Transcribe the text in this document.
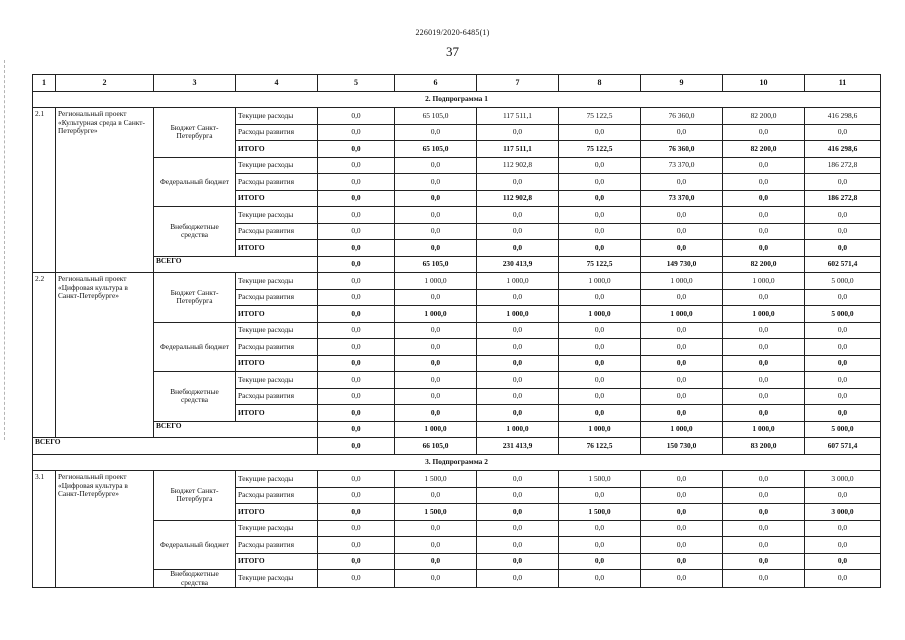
226019/2020-6485(1)
37
1	2	3	4	5	6	7	8	9	10	11
2. Подпрограмма 1										
2.1	Региональный проект «Культурная среда в Санкт-Петербурге»	Бюджет Санкт-Петербурга	Текущие расходы	0,0	65 105,0	117 511,1	75 122,5	76 360,0	82 200,0	416 298,6
			Расходы развития	0,0	0,0	0,0	0,0	0,0	0,0	0,0
			ИТОГО	0,0	65 105,0	117 511,1	75 122,5	76 360,0	82 200,0	416 298,6
		Федеральный бюджет	Текущие расходы	0,0	0,0	112 902,8	0,0	73 370,0	0,0	186 272,8
			Расходы развития	0,0	0,0	0,0	0,0	0,0	0,0	0,0
			ИТОГО	0,0	0,0	112 902,8	0,0	73 370,0	0,0	186 272,8
		Внебюджетные средства	Текущие расходы	0,0	0,0	0,0	0,0	0,0	0,0	0,0
			Расходы развития	0,0	0,0	0,0	0,0	0,0	0,0	0,0
			ИТОГО	0,0	0,0	0,0	0,0	0,0	0,0	0,0
		ВСЕГО		0,0	65 105,0	230 413,9	75 122,5	149 730,0	82 200,0	602 571,4
2.2	Региональный проект «Цифровая культура в Санкт-Петербурге»	Бюджет Санкт-Петербурга	Текущие расходы	0,0	1 000,0	1 000,0	1 000,0	1 000,0	1 000,0	5 000,0
			Расходы развития	0,0	0,0	0,0	0,0	0,0	0,0	0,0
			ИТОГО	0,0	1 000,0	1 000,0	1 000,0	1 000,0	1 000,0	5 000,0
		Федеральный бюджет	Текущие расходы	0,0	0,0	0,0	0,0	0,0	0,0	0,0
			Расходы развития	0,0	0,0	0,0	0,0	0,0	0,0	0,0
			ИТОГО	0,0	0,0	0,0	0,0	0,0	0,0	0,0
		Внебюджетные средства	Текущие расходы	0,0	0,0	0,0	0,0	0,0	0,0	0,0
			Расходы развития	0,0	0,0	0,0	0,0	0,0	0,0	0,0
			ИТОГО	0,0	0,0	0,0	0,0	0,0	0,0	0,0
		ВСЕГО		0,0	1 000,0	1 000,0	1 000,0	1 000,0	1 000,0	5 000,0
ВСЕГО				0,0	66 105,0	231 413,9	76 122,5	150 730,0	83 200,0	607 571,4
3. Подпрограмма 2										
3.1	Региональный проект «Цифровая культура в Санкт-Петербурге»	Бюджет Санкт-Петербурга	Текущие расходы	0,0	1 500,0	0,0	1 500,0	0,0	0,0	3 000,0
			Расходы развития	0,0	0,0	0,0	0,0	0,0	0,0	0,0
			ИТОГО	0,0	1 500,0	0,0	1 500,0	0,0	0,0	3 000,0
		Федеральный бюджет	Текущие расходы	0,0	0,0	0,0	0,0	0,0	0,0	0,0
			Расходы развития	0,0	0,0	0,0	0,0	0,0	0,0	0,0
			ИТОГО	0,0	0,0	0,0	0,0	0,0	0,0	0,0
		Внебюджетные средства	Текущие расходы	0,0	0,0	0,0	0,0	0,0	0,0	0,0
